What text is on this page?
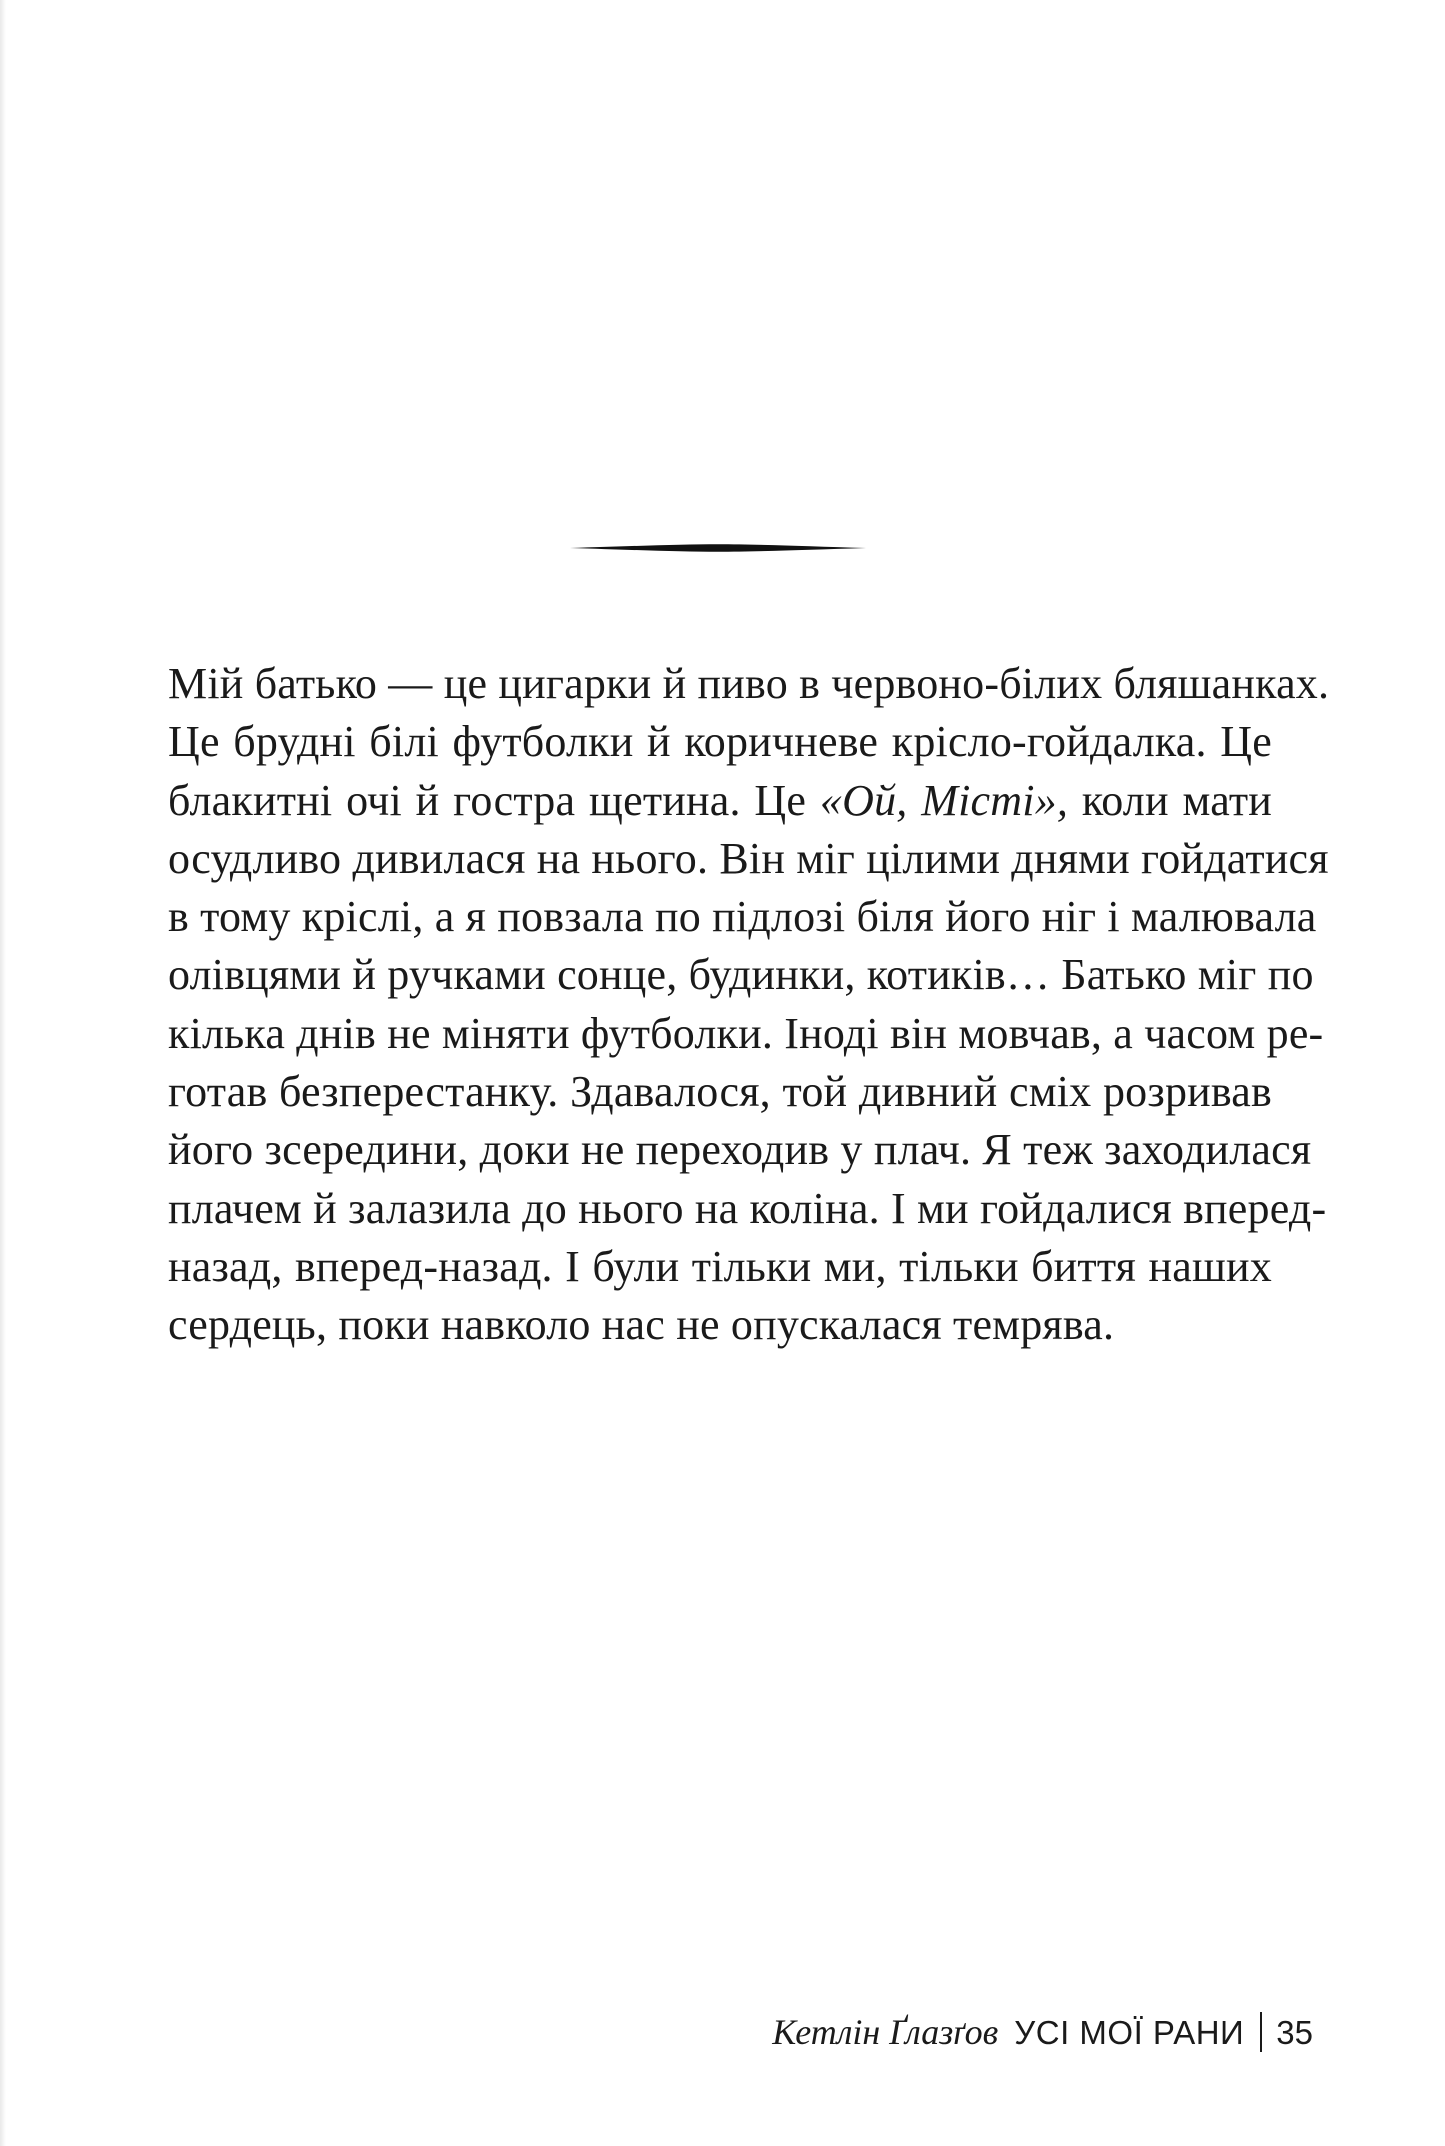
Мій батько — це цигарки й пиво в червоно-білих бляшанках.
Це брудні білі футболки й коричневе крісло-гойдалка. Це
блакитні очі й гостра щетина. Це «Ой, Місті», коли мати
осудливо дивилася на нього. Він міг цілими днями гойдатися
в тому кріслі, а я повзала по підлозі біля його ніг і малювала
олівцями й ручками сонце, будинки, котиків… Батько міг по
кілька днів не міняти футболки. Іноді він мовчав, а часом ре-
готав безперестанку. Здавалося, той дивний сміх розривав
його зсередини, доки не переходив у плач. Я теж заходилася
плачем й залазила до нього на коліна. І ми гойдалися вперед-
назад, вперед-назад. І були тільки ми, тільки биття наших
сердець, поки навколо нас не опускалася темрява.
Кетлін Ґлазґов УСІ МОЇ РАНИ 35
